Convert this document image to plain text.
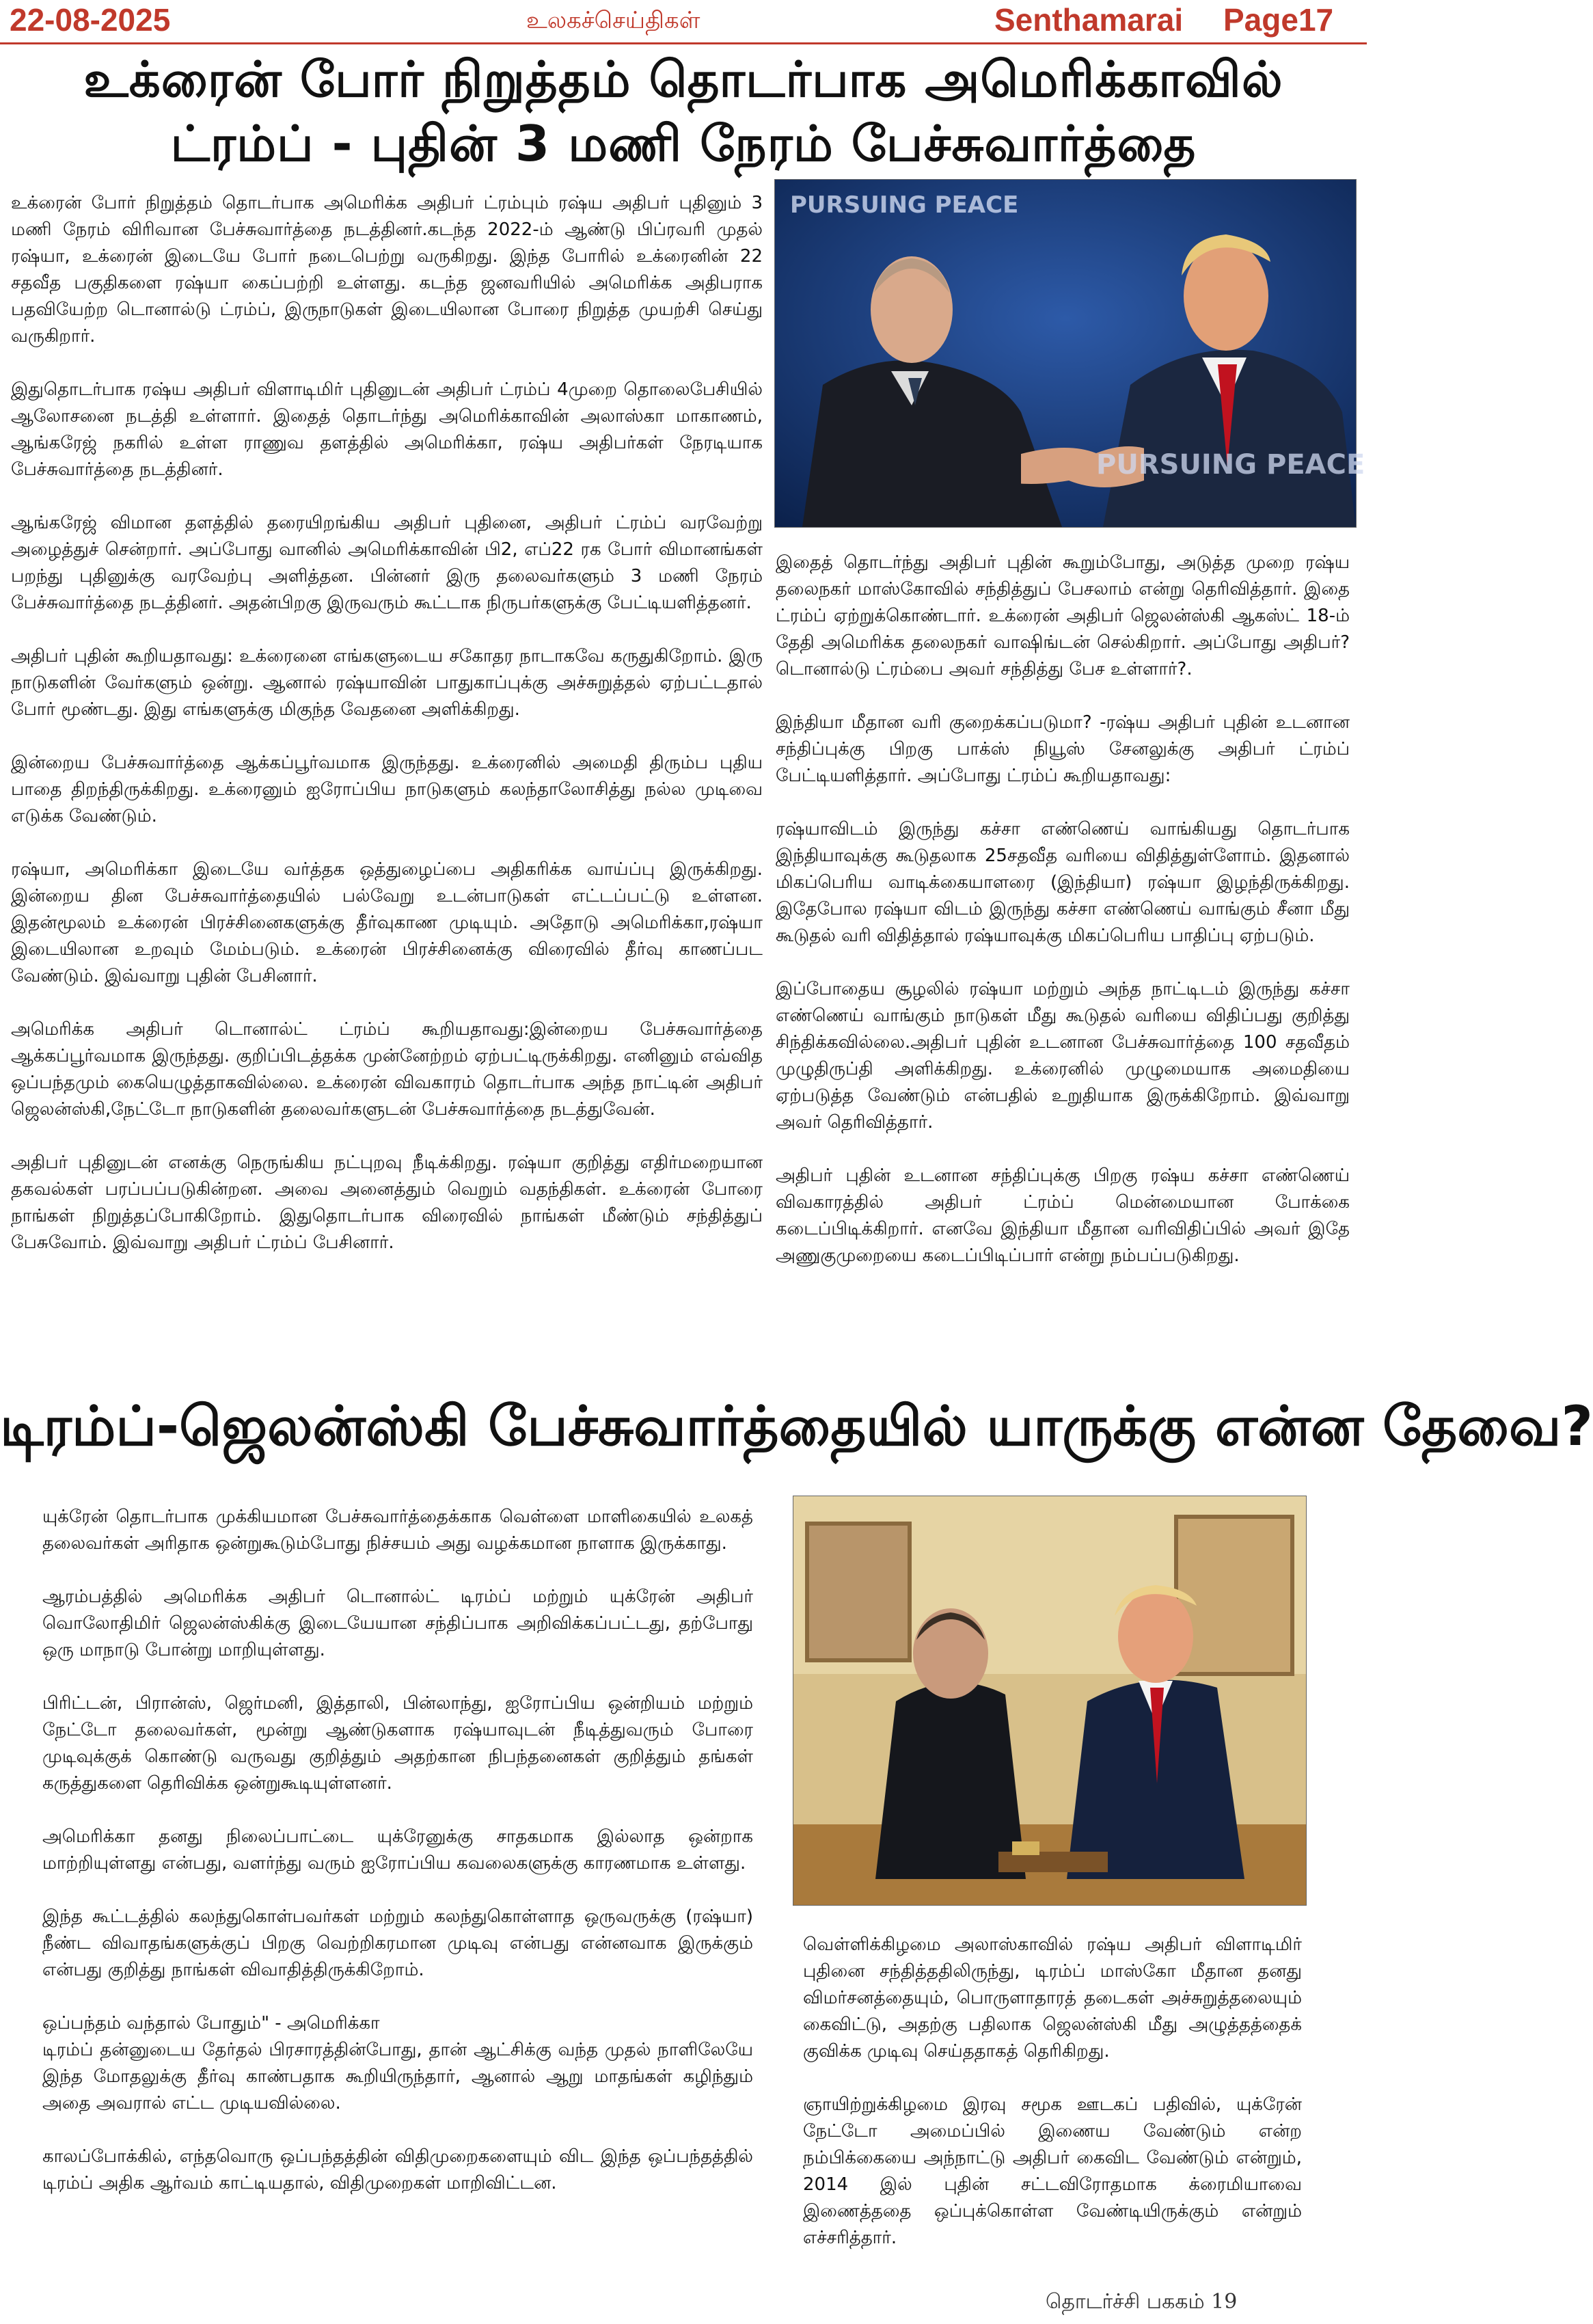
22-08-2025	உலகச்செய்திகள்	Senthamarai Page17
உக்ரைன் போர் நிறுத்தம் தொடர்பாக அமெரிக்காவில்
ட்ரம்ப் - புதின் 3 மணி நேரம் பேச்சுவார்த்தை

உக்ரைன் போர் நிறுத்தம் தொடர்பாக அமெரிக்க அதிபர் ட்ரம்பும் ரஷ்ய அதிபர் புதினும் 3 மணி நேரம் விரிவான பேச்சுவார்த்தை நடத்தினர்.கடந்த 2022-ம் ஆண்டு பிப்ரவரி முதல் ரஷ்யா, உக்ரைன் இடையே போர் நடைபெற்று வருகிறது. இந்த போரில் உக்ரைனின் 22 சதவீத பகுதிகளை ரஷ்யா கைப்பற்றி உள்ளது. கடந்த ஜனவரியில் அமெரிக்க அதிபராக பதவியேற்ற டொனால்டு ட்ரம்ப், இருநாடுகள் இடையிலான போரை நிறுத்த முயற்சி செய்து வருகிறார்.

இதுதொடர்பாக ரஷ்ய அதிபர் விளாடிமிர் புதினுடன் அதிபர் ட்ரம்ப் 4முறை தொலைபேசியில் ஆலோசனை நடத்தி உள்ளார். இதைத் தொடர்ந்து அமெரிக்காவின் அலாஸ்கா மாகாணம், ஆங்கரேஜ் நகரில் உள்ள ராணுவ தளத்தில் அமெரிக்கா, ரஷ்ய அதிபர்கள் நேரடியாக பேச்சுவார்த்தை நடத்தினர்.

ஆங்கரேஜ் விமான தளத்தில் தரையிறங்கிய அதிபர் புதினை, அதிபர் ட்ரம்ப் வரவேற்று அழைத்துச் சென்றார். அப்போது வானில் அமெரிக்காவின் பி2, எப்22 ரக போர் விமானங்கள் பறந்து புதினுக்கு வரவேற்பு அளித்தன. பின்னர் இரு தலைவர்களும் 3 மணி நேரம் பேச்சுவார்த்தை நடத்தினர். அதன்பிறகு இருவரும் கூட்டாக நிருபர்களுக்கு பேட்டியளித்தனர்.

அதிபர் புதின் கூறியதாவது: உக்ரைனை எங்களுடைய சகோதர நாடாகவே கருதுகிறோம். இரு நாடுகளின் வேர்களும் ஒன்று. ஆனால் ரஷ்யாவின் பாதுகாப்புக்கு அச்சுறுத்தல் ஏற்பட்டதால் போர் மூண்டது. இது எங்களுக்கு மிகுந்த வேதனை அளிக்கிறது.

இன்றைய பேச்சுவார்த்தை ஆக்கப்பூர்வமாக இருந்தது. உக்ரைனில் அமைதி திரும்ப புதிய பாதை திறந்திருக்கிறது. உக்ரைனும் ஐரோப்பிய நாடுகளும் கலந்தாலோசித்து நல்ல முடிவை எடுக்க வேண்டும்.

ரஷ்யா, அமெரிக்கா இடையே வர்த்தக ஒத்துழைப்பை அதிகரிக்க வாய்ப்பு இருக்கிறது. இன்றைய தின பேச்சுவார்த்தையில் பல்வேறு உடன்பாடுகள் எட்டப்பட்டு உள்ளன. இதன்மூலம் உக்ரைன் பிரச்சினைகளுக்கு தீர்வுகாண முடியும். அதோடு அமெரிக்கா,ரஷ்யா இடையிலான உறவும் மேம்படும். உக்ரைன் பிரச்சினைக்கு விரைவில் தீர்வு காணப்பட வேண்டும். இவ்வாறு புதின் பேசினார்.

அமெரிக்க அதிபர் டொனால்ட் ட்ரம்ப் கூறியதாவது:இன்றைய பேச்சுவார்த்தை ஆக்கப்பூர்வமாக இருந்தது. குறிப்பிடத்தக்க முன்னேற்றம் ஏற்பட்டிருக்கிறது. எனினும் எவ்வித ஒப்பந்தமும் கையெழுத்தாகவில்லை. உக்ரைன் விவகாரம் தொடர்பாக அந்த நாட்டின் அதிபர் ஜெலன்ஸ்கி,நேட்டோ நாடுகளின் தலைவர்களுடன் பேச்சுவார்த்தை நடத்துவேன்.

அதிபர் புதினுடன் எனக்கு நெருங்கிய நட்புறவு நீடிக்கிறது. ரஷ்யா குறித்து எதிர்மறையான தகவல்கள் பரப்பப்படுகின்றன. அவை அனைத்தும் வெறும் வதந்திகள். உக்ரைன் போரை நாங்கள் நிறுத்தப்போகிறோம். இதுதொடர்பாக விரைவில் நாங்கள் மீண்டும் சந்தித்துப் பேசுவோம். இவ்வாறு அதிபர் ட்ரம்ப் பேசினார்.

PURSUING PEACE
PURSUING PEACE

இதைத் தொடர்ந்து அதிபர் புதின் கூறும்போது, அடுத்த முறை ரஷ்ய தலைநகர் மாஸ்கோவில் சந்தித்துப் பேசலாம் என்று தெரிவித்தார். இதை ட்ரம்ப் ஏற்றுக்கொண்டார். உக்ரைன் அதிபர் ஜெலன்ஸ்கி ஆகஸ்ட் 18-ம் தேதி அமெரிக்க தலைநகர் வாஷிங்டன் செல்கிறார். அப்போது அதிபர்? டொனால்டு ட்ரம்பை அவர் சந்தித்து பேச உள்ளார்?.

இந்தியா மீதான வரி குறைக்கப்படுமா? -ரஷ்ய அதிபர் புதின் உடனான சந்திப்புக்கு பிறகு பாக்ஸ் நியூஸ் சேனலுக்கு அதிபர் ட்ரம்ப் பேட்டியளித்தார். அப்போது ட்ரம்ப் கூறியதாவது:

ரஷ்யாவிடம் இருந்து கச்சா எண்ணெய் வாங்கியது தொடர்பாக இந்தியாவுக்கு கூடுதலாக 25சதவீத வரியை விதித்துள்ளோம். இதனால் மிகப்பெரிய வாடிக்கையாளரை (இந்தியா) ரஷ்யா இழந்திருக்கிறது. இதேபோல ரஷ்யா விடம் இருந்து கச்சா எண்ணெய் வாங்கும் சீனா மீது கூடுதல் வரி விதித்தால் ரஷ்யாவுக்கு மிகப்பெரிய பாதிப்பு ஏற்படும்.

இப்போதைய சூழலில் ரஷ்யா மற்றும் அந்த நாட்டிடம் இருந்து கச்சா எண்ணெய் வாங்கும் நாடுகள் மீது கூடுதல் வரியை விதிப்பது குறித்து சிந்திக்கவில்லை.அதிபர் புதின் உடனான பேச்சுவார்த்தை 100 சதவீதம் முழுதிருப்தி அளிக்கிறது. உக்ரைனில் முழுமையாக அமைதியை ஏற்படுத்த வேண்டும் என்பதில் உறுதியாக இருக்கிறோம். இவ்வாறு அவர் தெரிவித்தார்.

அதிபர் புதின் உடனான சந்திப்புக்கு பிறகு ரஷ்ய கச்சா எண்ணெய் விவகாரத்தில் அதிபர் ட்ரம்ப் மென்மையான போக்கை கடைப்பிடிக்கிறார். எனவே இந்தியா மீதான வரிவிதிப்பில் அவர் இதே அணுகுமுறையை கடைப்பிடிப்பார் என்று நம்பப்படுகிறது.

டிரம்ப்-ஜெலன்ஸ்கி பேச்சுவார்த்தையில் யாருக்கு என்ன தேவை?

யுக்ரேன் தொடர்பாக முக்கியமான பேச்சுவார்த்தைக்காக வெள்ளை மாளிகையில் உலகத் தலைவர்கள் அரிதாக ஒன்றுகூடும்போது நிச்சயம் அது வழக்கமான நாளாக இருக்காது.

ஆரம்பத்தில் அமெரிக்க அதிபர் டொனால்ட் டிரம்ப் மற்றும் யுக்ரேன் அதிபர் வொலோதிமிர் ஜெலன்ஸ்கிக்கு இடையேயான சந்திப்பாக அறிவிக்கப்பட்டது, தற்போது ஒரு மாநாடு போன்று மாறியுள்ளது.

பிரிட்டன், பிரான்ஸ், ஜெர்மனி, இத்தாலி, பின்லாந்து, ஐரோப்பிய ஒன்றியம் மற்றும் நேட்டோ தலைவர்கள், மூன்று ஆண்டுகளாக ரஷ்யாவுடன் நீடித்துவரும் போரை முடிவுக்குக் கொண்டு வருவது குறித்தும் அதற்கான நிபந்தனைகள் குறித்தும் தங்கள் கருத்துகளை தெரிவிக்க ஒன்றுகூடியுள்ளனர்.

அமெரிக்கா தனது நிலைப்பாட்டை யுக்ரேனுக்கு சாதகமாக இல்லாத ஒன்றாக மாற்றியுள்ளது என்பது, வளர்ந்து வரும் ஐரோப்பிய கவலைகளுக்கு காரணமாக உள்ளது.

இந்த கூட்டத்தில் கலந்துகொள்பவர்கள் மற்றும் கலந்துகொள்ளாத ஒருவருக்கு (ரஷ்யா) நீண்ட விவாதங்களுக்குப் பிறகு வெற்றிகரமான முடிவு என்பது என்னவாக இருக்கும் என்பது குறித்து நாங்கள் விவாதித்திருக்கிறோம்.

ஒப்பந்தம் வந்தால் போதும்" - அமெரிக்கா

டிரம்ப் தன்னுடைய தேர்தல் பிரசாரத்தின்போது, தான் ஆட்சிக்கு வந்த முதல் நாளிலேயே இந்த மோதலுக்கு தீர்வு காண்பதாக கூறியிருந்தார், ஆனால் ஆறு மாதங்கள் கழிந்தும் அதை அவரால் எட்ட முடியவில்லை.

காலப்போக்கில், எந்தவொரு ஒப்பந்தத்தின் விதிமுறைகளையும் விட இந்த ஒப்பந்தத்தில் டிரம்ப் அதிக ஆர்வம் காட்டியதால், விதிமுறைகள் மாறிவிட்டன.

வெள்ளிக்கிழமை அலாஸ்காவில் ரஷ்ய அதிபர் விளாடிமிர் புதினை சந்தித்ததிலிருந்து, டிரம்ப் மாஸ்கோ மீதான தனது விமர்சனத்தையும், பொருளாதாரத் தடைகள் அச்சுறுத்தலையும் கைவிட்டு, அதற்கு பதிலாக ஜெலன்ஸ்கி மீது அழுத்தத்தைக் குவிக்க முடிவு செய்ததாகத் தெரிகிறது.

ஞாயிற்றுக்கிழமை இரவு சமூக ஊடகப் பதிவில், யுக்ரேன் நேட்டோ அமைப்பில் இணைய வேண்டும் என்ற நம்பிக்கையை அந்நாட்டு அதிபர் கைவிட வேண்டும் என்றும், 2014 இல் புதின் சட்டவிரோதமாக க்ரைமியாவை இணைத்ததை ஒப்புக்கொள்ள வேண்டியிருக்கும் என்றும் எச்சரித்தார்.

தொடர்ச்சி பககம் 19
